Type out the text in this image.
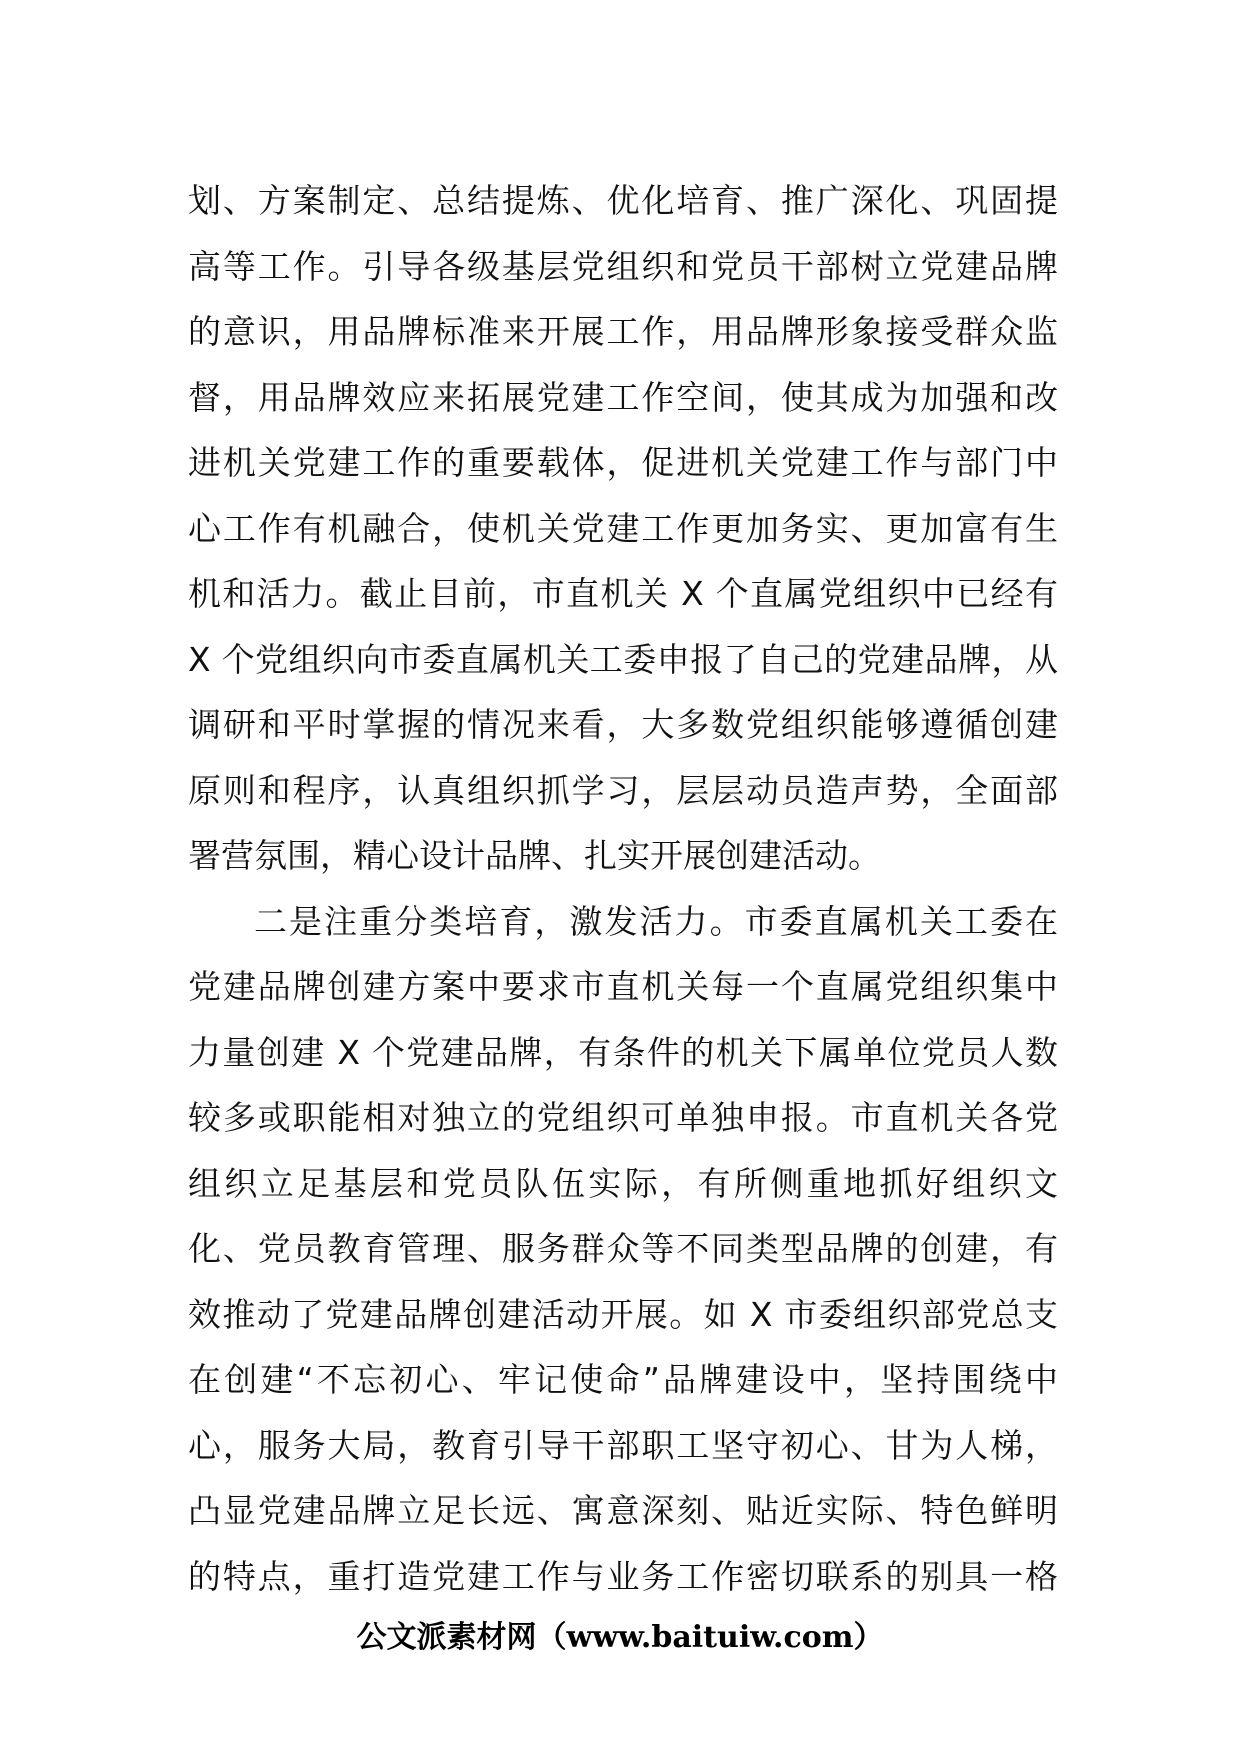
划、方案制定、总结提炼、优化培育、推广深化、巩固提
高等工作。引导各级基层党组织和党员干部树立党建品牌
的意识，用品牌标准来开展工作，用品牌形象接受群众监
督，用品牌效应来拓展党建工作空间，使其成为加强和改
进机关党建工作的重要载体，促进机关党建工作与部门中
心工作有机融合，使机关党建工作更加务实、更加富有生
机和活力。截止目前，市直机关 X 个直属党组织中已经有
X 个党组织向市委直属机关工委申报了自己的党建品牌，从
调研和平时掌握的情况来看，大多数党组织能够遵循创建
原则和程序，认真组织抓学习，层层动员造声势，全面部
署营氛围，精心设计品牌、扎实开展创建活动。
二是注重分类培育，激发活力。市委直属机关工委在
党建品牌创建方案中要求市直机关每一个直属党组织集中
力量创建 X 个党建品牌，有条件的机关下属单位党员人数
较多或职能相对独立的党组织可单独申报。市直机关各党
组织立足基层和党员队伍实际，有所侧重地抓好组织文
化、党员教育管理、服务群众等不同类型品牌的创建，有
效推动了党建品牌创建活动开展。如 X 市委组织部党总支
在创建“不忘初心、牢记使命”品牌建设中，坚持围绕中
心，服务大局，教育引导干部职工坚守初心、甘为人梯，
凸显党建品牌立足长远、寓意深刻、贴近实际、特色鲜明
的特点，重打造党建工作与业务工作密切联系的别具一格
公文派素材网（www.baituiw.com）
